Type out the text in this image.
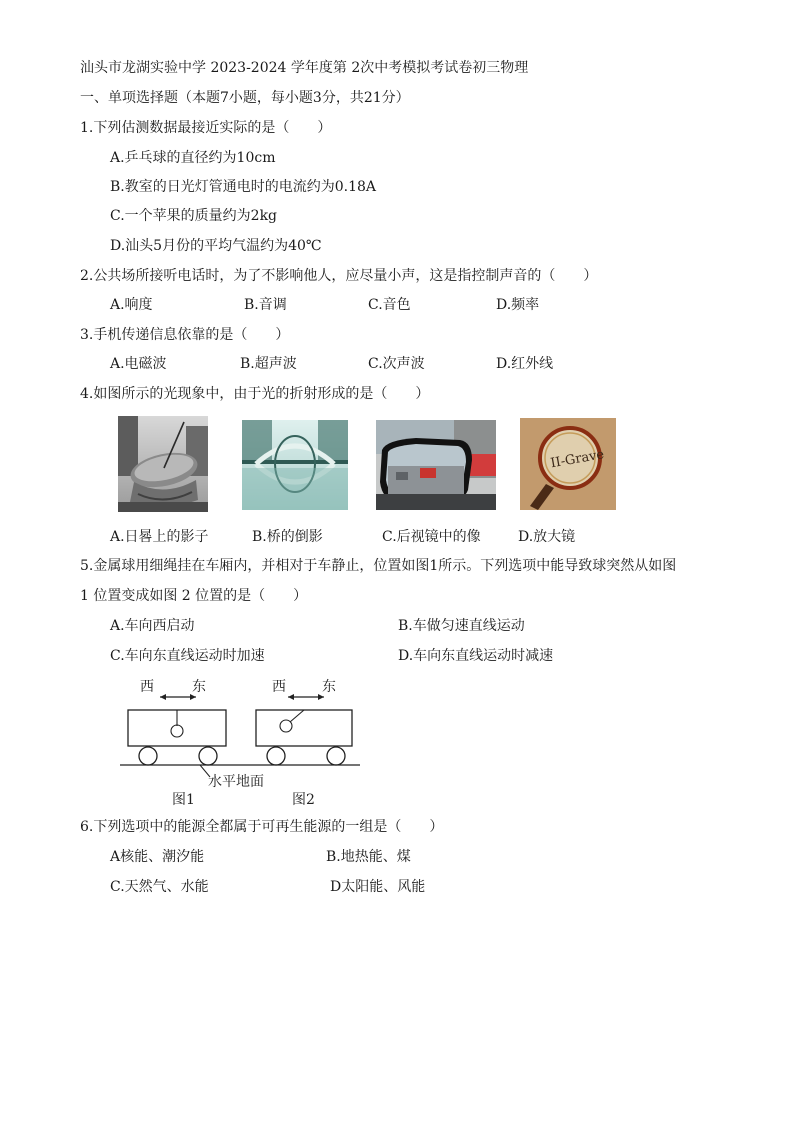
汕头市龙湖实验中学 2023-2024 学年度第 2次中考模拟考试卷初三物理
一、单项选择题（本题7小题，每小题3分，共21分）
1.下列估测数据最接近实际的是（　　）
A.乒乓球的直径约为10cm
B.教室的日光灯管通电时的电流约为0.18A
C.一个苹果的质量约为2kg
D.汕头5月份的平均气温约为40℃
2.公共场所接听电话时，为了不影响他人，应尽量小声，这是指控制声音的（　　）
A.响度	B.音调	C.音色	D.频率
3.手机传递信息依靠的是（　　）
A.电磁波	B.超声波	C.次声波	D.红外线
4.如图所示的光现象中，由于光的折射形成的是（　　）
II-Grave
A.日晷上的影子	B.桥的倒影	C.后视镜中的像	D.放大镜
5.金属球用细绳挂在车厢内，并相对于车静止，位置如图1所示。下列选项中能导致球突然从如图
1 位置变成如图 2 位置的是（　　）
A.车向西启动	B.车做匀速直线运动
C.车向东直线运动时加速	D.车向东直线运动时减速
西	东	西	东
水平地面
图1	图2
6.下列选项中的能源全都属于可再生能源的一组是（　　）
A核能、潮汐能	B.地热能、煤
C.天然气、水能	D太阳能、风能
